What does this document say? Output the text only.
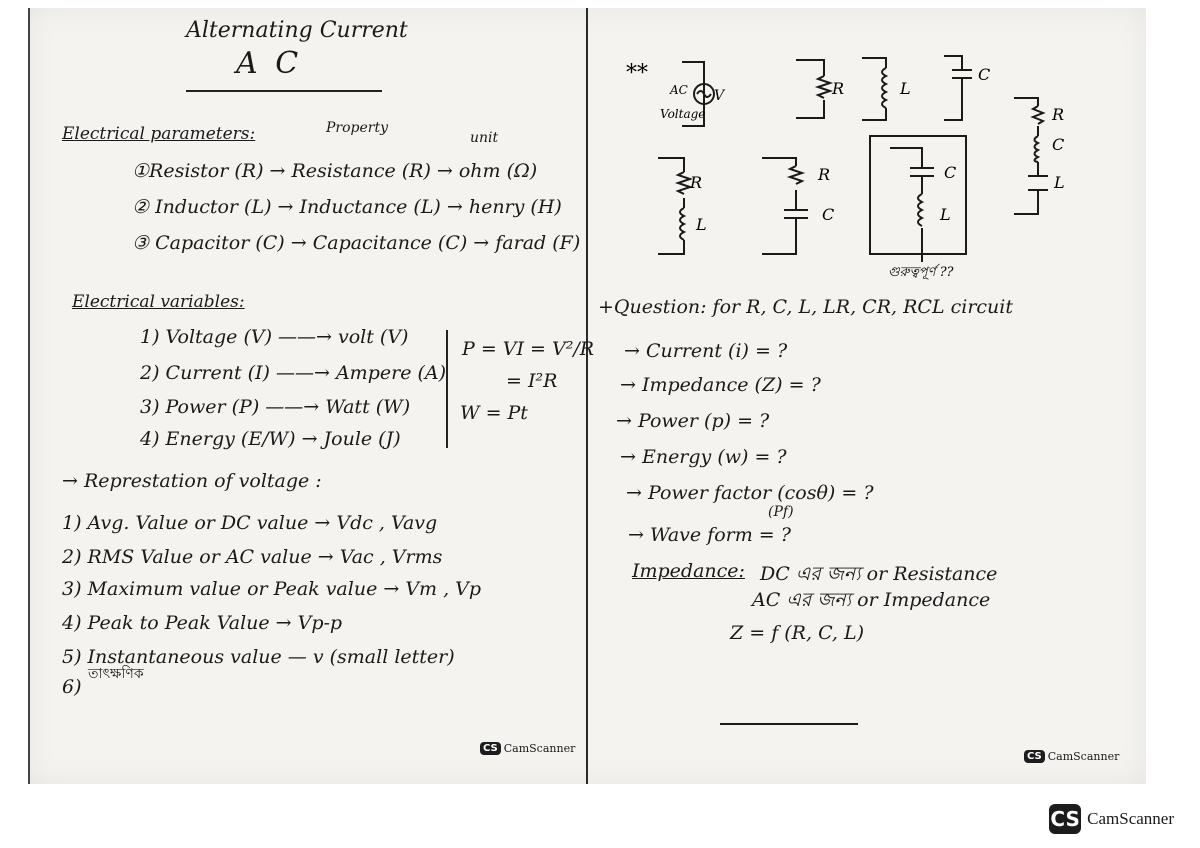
Alternating Current
A C
Electrical parameters:	Property
unit
①Resistor (R) → Resistance (R) → ohm (Ω)
② Inductor (L) → Inductance (L) → henry (H)
③ Capacitor (C) → Capacitance (C) → farad (F)
Electrical variables:
1) Voltage (V) ——→ volt (V)
2) Current (I) ——→ Ampere (A)
3) Power (P) ——→ Watt (W)
4) Energy (E/W) → Joule (J)
P = VI = V²/R
= I²R
W = Pt
→ Represtation of voltage :
1) Avg. Value or DC value → Vdc , Vavg
2) RMS Value or AC value → Vac , Vrms
3) Maximum value or Peak value → Vm , Vp
4) Peak to Peak Value → Vp-p
5) Instantaneous value — v (small letter)
তাৎক্ষণিক
6)
CS CamScanner
**
AC
Voltage
V	R	L
C
R
C
L
R
L
R
C
C
L
গুরুত্বপূর্ণ ??
+Question: for R, C, L, LR, CR, RCL circuit
→ Current (i) = ?
→ Impedance (Z) = ?
→ Power (p) = ?
→ Energy (w) = ?
→ Power factor (cosθ) = ?
(Pf)
→ Wave form = ?
Impedance: DC এর জন্য or Resistance
AC এর জন্য or Impedance
Z = f (R, C, L)
CS CamScanner
CS CamScanner
